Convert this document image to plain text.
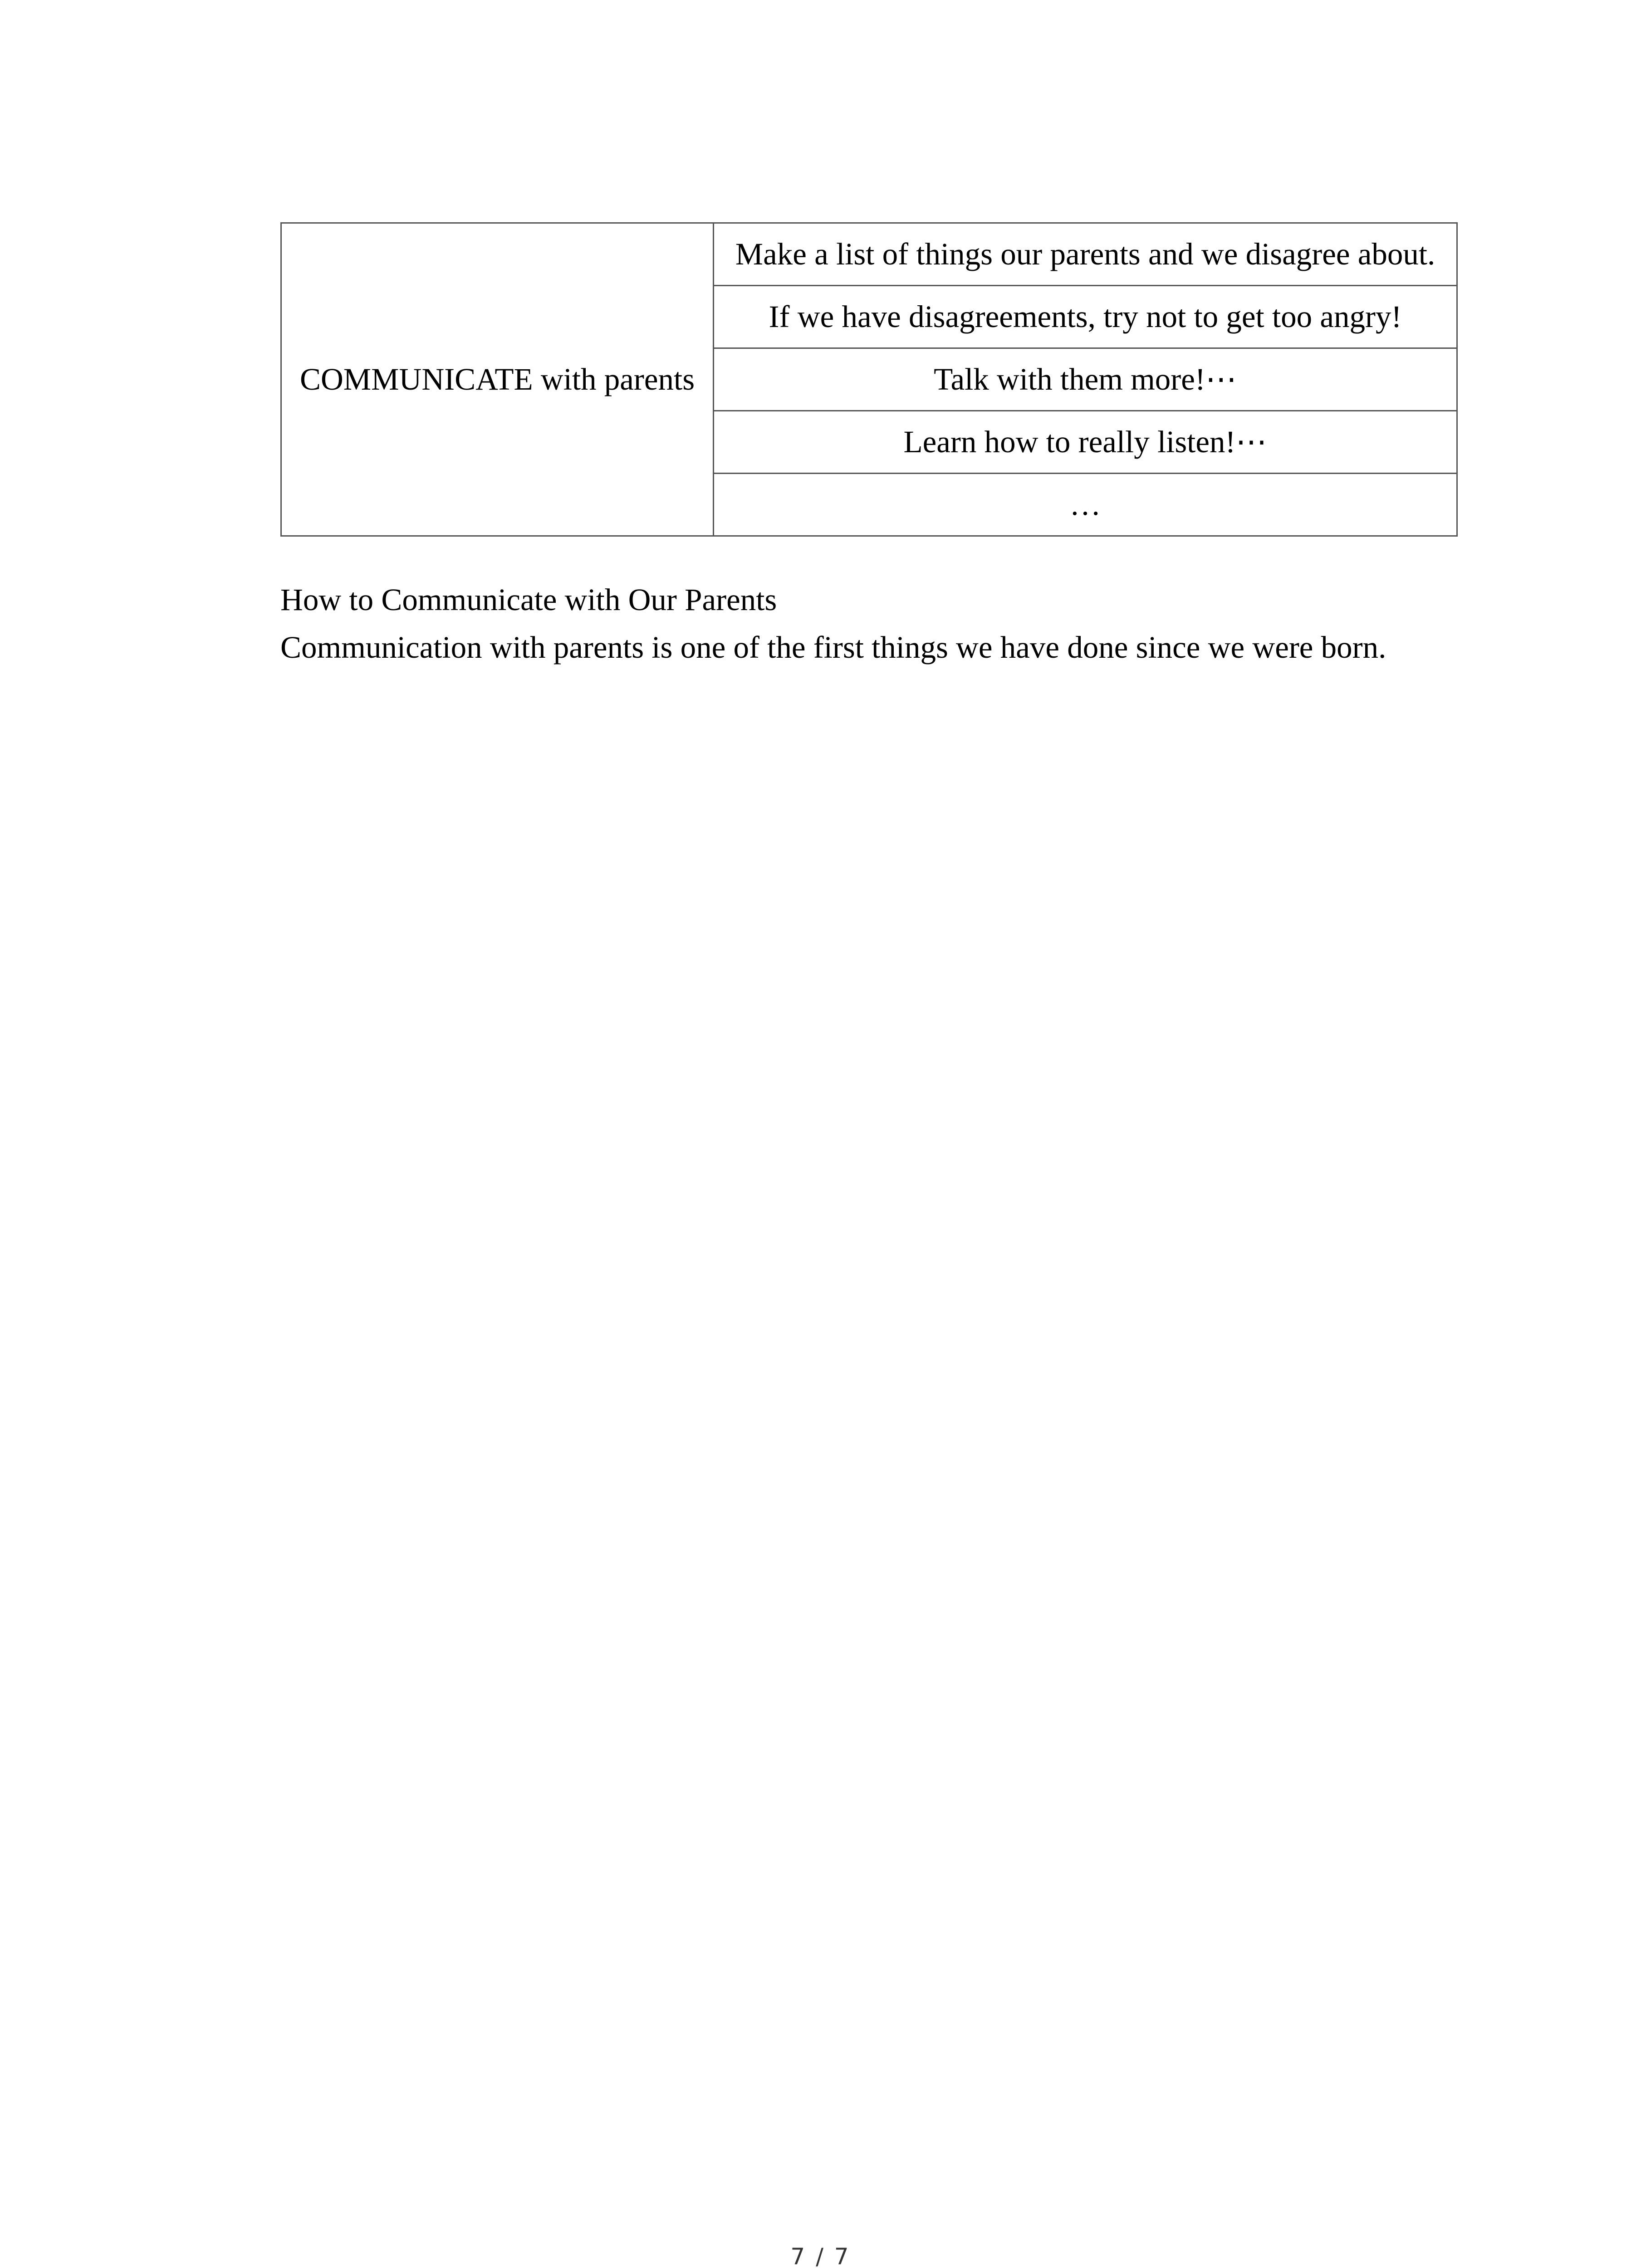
COMMUNICATE with parents	Make a list of things our parents and we disagree about.
If we have disagreements, try not to get too angry!
Talk with them more!⋯
Learn how to really listen!⋯
…
How to Communicate with Our Parents
Communication with parents is one of the first things we have done since we were born.
7 / 7
